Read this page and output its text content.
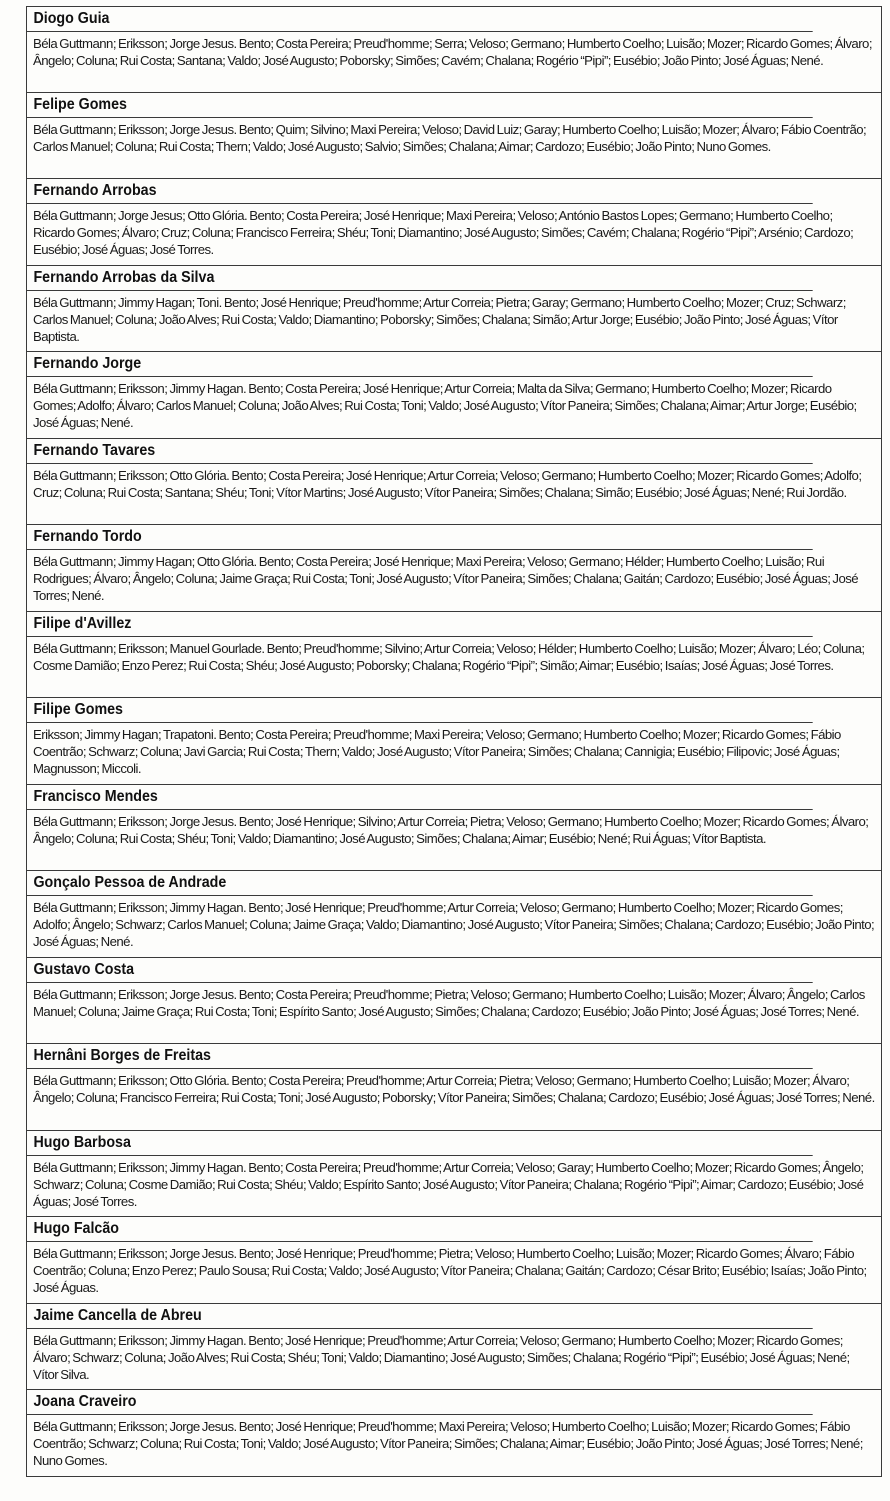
Diogo Guia
Béla Guttmann; Eriksson; Jorge Jesus. Bento; Costa Pereira; Preud'homme; Serra; Veloso; Germano; Humberto Coelho; Luisão; Mozer; Ricardo Gomes; Álvaro; Ângelo; Coluna; Rui Costa; Santana; Valdo; José Augusto; Poborsky; Simões; Cavém; Chalana; Rogério “Pipi”; Eusébio; João Pinto; José Águas; Nené.
Felipe Gomes
Béla Guttmann; Eriksson; Jorge Jesus. Bento; Quim; Silvino; Maxi Pereira; Veloso; David Luiz; Garay; Humberto Coelho; Luisão; Mozer; Álvaro; Fábio Coentrão; Carlos Manuel; Coluna; Rui Costa; Thern; Valdo; José Augusto; Salvio; Simões; Chalana; Aimar; Cardozo; Eusébio; João Pinto; Nuno Gomes.
Fernando Arrobas
Béla Guttmann; Jorge Jesus; Otto Glória. Bento; Costa Pereira; José Henrique; Maxi Pereira; Veloso; António Bastos Lopes; Germano; Humberto Coelho; Ricardo Gomes; Álvaro; Cruz; Coluna; Francisco Ferreira; Shéu; Toni; Diamantino; José Augusto; Simões; Cavém; Chalana; Rogério “Pipi”; Arsénio; Cardozo; Eusébio; José Águas; José Torres.
Fernando Arrobas da Silva
Béla Guttmann; Jimmy Hagan; Toni. Bento; José Henrique; Preud'homme; Artur Correia; Pietra; Garay; Germano; Humberto Coelho; Mozer; Cruz; Schwarz; Carlos Manuel; Coluna; João Alves; Rui Costa; Valdo; Diamantino; Poborsky; Simões; Chalana; Simão; Artur Jorge; Eusébio; João Pinto; José Águas; Vítor Baptista.
Fernando Jorge
Béla Guttmann; Eriksson; Jimmy Hagan. Bento; Costa Pereira; José Henrique; Artur Correia; Malta da Silva; Germano; Humberto Coelho; Mozer; Ricardo Gomes; Adolfo; Álvaro; Carlos Manuel; Coluna; João Alves; Rui Costa; Toni; Valdo; José Augusto; Vítor Paneira; Simões; Chalana; Aimar; Artur Jorge; Eusébio; José Águas; Nené.
Fernando Tavares
Béla Guttmann; Eriksson; Otto Glória. Bento; Costa Pereira; José Henrique; Artur Correia; Veloso; Germano; Humberto Coelho; Mozer; Ricardo Gomes; Adolfo; Cruz; Coluna; Rui Costa; Santana; Shéu; Toni; Vítor Martins; José Augusto; Vítor Paneira; Simões; Chalana; Simão; Eusébio; José Águas; Nené; Rui Jordão.
Fernando Tordo
Béla Guttmann; Jimmy Hagan; Otto Glória. Bento; Costa Pereira; José Henrique; Maxi Pereira; Veloso; Germano; Hélder; Humberto Coelho; Luisão; Rui Rodrigues; Álvaro; Ângelo; Coluna; Jaime Graça; Rui Costa; Toni; José Augusto; Vítor Paneira; Simões; Chalana; Gaitán; Cardozo; Eusébio; José Águas; José Torres; Nené.
Filipe d'Avillez
Béla Guttmann; Eriksson; Manuel Gourlade. Bento; Preud'homme; Silvino; Artur Correia; Veloso; Hélder; Humberto Coelho; Luisão; Mozer; Álvaro; Léo; Coluna; Cosme Damião; Enzo Perez; Rui Costa; Shéu; José Augusto; Poborsky; Chalana; Rogério “Pipi”; Simão; Aimar; Eusébio; Isaías; José Águas; José Torres.
Filipe Gomes
Eriksson; Jimmy Hagan; Trapatoni. Bento; Costa Pereira; Preud'homme; Maxi Pereira; Veloso; Germano; Humberto Coelho; Mozer; Ricardo Gomes; Fábio Coentrão; Schwarz; Coluna; Javi Garcia; Rui Costa; Thern; Valdo; José Augusto; Vítor Paneira; Simões; Chalana; Cannigia; Eusébio; Filipovic; José Águas; Magnusson; Miccoli.
Francisco Mendes
Béla Guttmann; Eriksson; Jorge Jesus. Bento; José Henrique; Silvino; Artur Correia; Pietra; Veloso; Germano; Humberto Coelho; Mozer; Ricardo Gomes; Álvaro; Ângelo; Coluna; Rui Costa; Shéu; Toni; Valdo; Diamantino; José Augusto; Simões; Chalana; Aimar; Eusébio; Nené; Rui Águas; Vítor Baptista.
Gonçalo Pessoa de Andrade
Béla Guttmann; Eriksson; Jimmy Hagan. Bento; José Henrique; Preud'homme; Artur Correia; Veloso; Germano; Humberto Coelho; Mozer; Ricardo Gomes; Adolfo; Ângelo; Schwarz; Carlos Manuel; Coluna; Jaime Graça; Valdo; Diamantino; José Augusto; Vítor Paneira; Simões; Chalana; Cardozo; Eusébio; João Pinto; José Águas; Nené.
Gustavo Costa
Béla Guttmann; Eriksson; Jorge Jesus. Bento; Costa Pereira; Preud'homme; Pietra; Veloso; Germano; Humberto Coelho; Luisão; Mozer; Álvaro; Ângelo; Carlos Manuel; Coluna; Jaime Graça; Rui Costa; Toni; Espírito Santo; José Augusto; Simões; Chalana; Cardozo; Eusébio; João Pinto; José Águas; José Torres; Nené.
Hernâni Borges de Freitas
Béla Guttmann; Eriksson; Otto Glória. Bento; Costa Pereira; Preud'homme; Artur Correia; Pietra; Veloso; Germano; Humberto Coelho; Luisão; Mozer; Álvaro; Ângelo; Coluna; Francisco Ferreira; Rui Costa; Toni; José Augusto; Poborsky; Vítor Paneira; Simões; Chalana; Cardozo; Eusébio; José Águas; José Torres; Nené.
Hugo Barbosa
Béla Guttmann; Eriksson; Jimmy Hagan. Bento; Costa Pereira; Preud'homme; Artur Correia; Veloso; Garay; Humberto Coelho; Mozer; Ricardo Gomes; Ângelo; Schwarz; Coluna; Cosme Damião; Rui Costa; Shéu; Valdo; Espírito Santo; José Augusto; Vítor Paneira; Chalana; Rogério “Pipi”; Aimar; Cardozo; Eusébio; José Águas; José Torres.
Hugo Falcão
Béla Guttmann; Eriksson; Jorge Jesus. Bento; José Henrique; Preud'homme; Pietra; Veloso; Humberto Coelho; Luisão; Mozer; Ricardo Gomes; Álvaro; Fábio Coentrão; Coluna; Enzo Perez; Paulo Sousa; Rui Costa; Valdo; José Augusto; Vítor Paneira; Chalana; Gaitán; Cardozo; César Brito; Eusébio; Isaías; João Pinto; José Águas.
Jaime Cancella de Abreu
Béla Guttmann; Eriksson; Jimmy Hagan. Bento; José Henrique; Preud'homme; Artur Correia; Veloso; Germano; Humberto Coelho; Mozer; Ricardo Gomes; Álvaro; Schwarz; Coluna; João Alves; Rui Costa; Shéu; Toni; Valdo; Diamantino; José Augusto; Simões; Chalana; Rogério “Pipi”; Eusébio; José Águas; Nené; Vítor Silva.
Joana Craveiro
Béla Guttmann; Eriksson; Jorge Jesus. Bento; José Henrique; Preud'homme; Maxi Pereira; Veloso; Humberto Coelho; Luisão; Mozer; Ricardo Gomes; Fábio Coentrão; Schwarz; Coluna; Rui Costa; Toni; Valdo; José Augusto; Vítor Paneira; Simões; Chalana; Aimar; Eusébio; João Pinto; José Águas; José Torres; Nené; Nuno Gomes.
